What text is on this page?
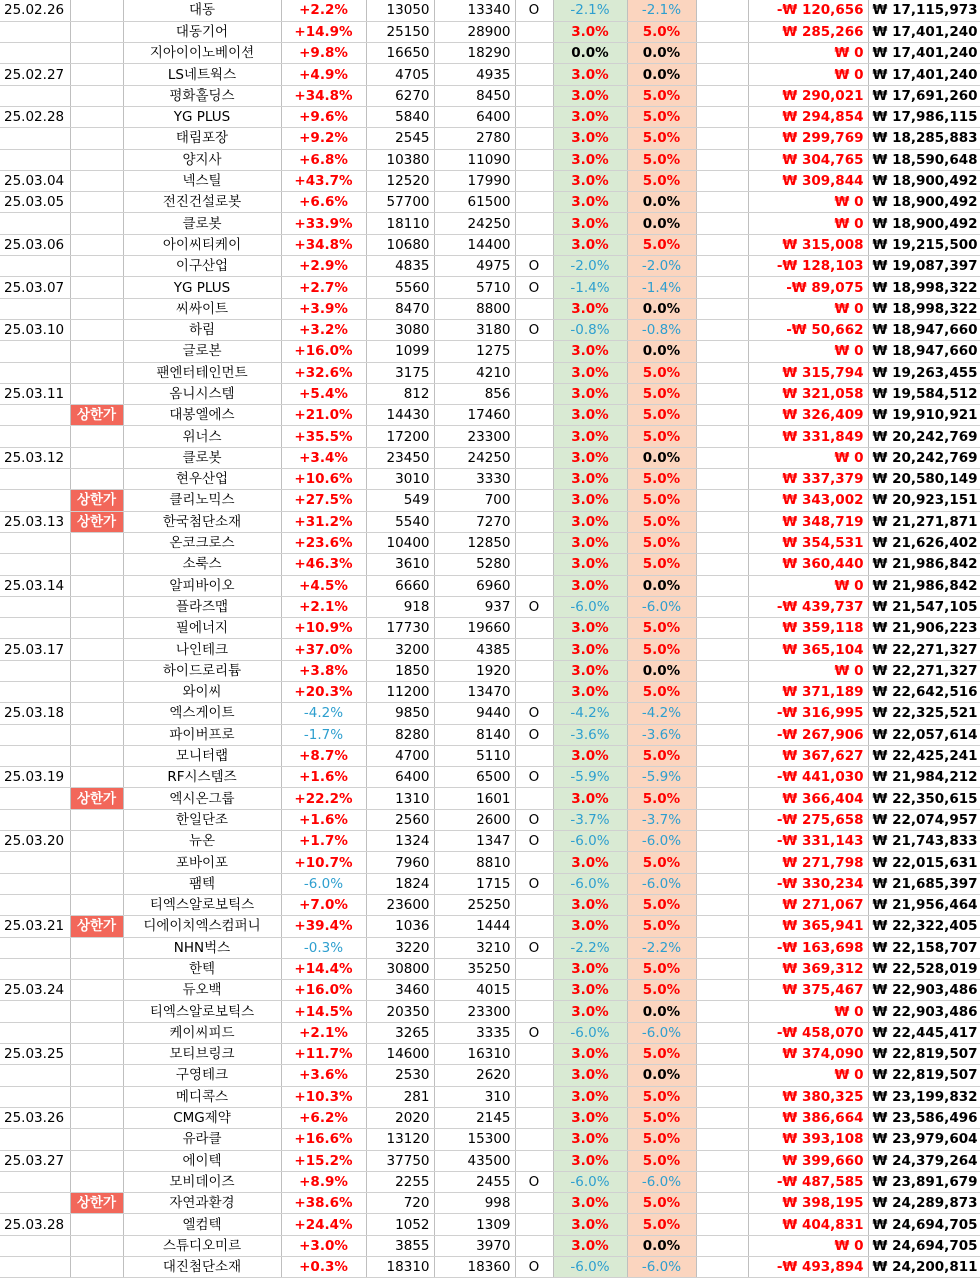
25.02.26		대동	+2.2%	13050	13340	O	-2.1%	-2.1%		-₩ 120,656	₩ 17,115,973
		대동기어	+14.9%	25150	28900		3.0%	5.0%		₩ 285,266	₩ 17,401,240
		지아이이노베이션	+9.8%	16650	18290		0.0%	0.0%		₩ 0	₩ 17,401,240
25.02.27		LS네트웍스	+4.9%	4705	4935		3.0%	0.0%		₩ 0	₩ 17,401,240
		평화홀딩스	+34.8%	6270	8450		3.0%	5.0%		₩ 290,021	₩ 17,691,260
25.02.28		YG PLUS	+9.6%	5840	6400		3.0%	5.0%		₩ 294,854	₩ 17,986,115
		태림포장	+9.2%	2545	2780		3.0%	5.0%		₩ 299,769	₩ 18,285,883
		양지사	+6.8%	10380	11090		3.0%	5.0%		₩ 304,765	₩ 18,590,648
25.03.04		넥스틸	+43.7%	12520	17990		3.0%	5.0%		₩ 309,844	₩ 18,900,492
25.03.05		전진건설로봇	+6.6%	57700	61500		3.0%	0.0%		₩ 0	₩ 18,900,492
		클로봇	+33.9%	18110	24250		3.0%	0.0%		₩ 0	₩ 18,900,492
25.03.06		아이씨티케이	+34.8%	10680	14400		3.0%	5.0%		₩ 315,008	₩ 19,215,500
		이구산업	+2.9%	4835	4975	O	-2.0%	-2.0%		-₩ 128,103	₩ 19,087,397
25.03.07		YG PLUS	+2.7%	5560	5710	O	-1.4%	-1.4%		-₩ 89,075	₩ 18,998,322
		씨싸이트	+3.9%	8470	8800		3.0%	0.0%		₩ 0	₩ 18,998,322
25.03.10		하림	+3.2%	3080	3180	O	-0.8%	-0.8%		-₩ 50,662	₩ 18,947,660
		글로본	+16.0%	1099	1275		3.0%	0.0%		₩ 0	₩ 18,947,660
		팬엔터테인먼트	+32.6%	3175	4210		3.0%	5.0%		₩ 315,794	₩ 19,263,455
25.03.11		옴니시스템	+5.4%	812	856		3.0%	5.0%		₩ 321,058	₩ 19,584,512
	상한가	대봉엘에스	+21.0%	14430	17460		3.0%	5.0%		₩ 326,409	₩ 19,910,921
		위너스	+35.5%	17200	23300		3.0%	5.0%		₩ 331,849	₩ 20,242,769
25.03.12		클로봇	+3.4%	23450	24250		3.0%	0.0%		₩ 0	₩ 20,242,769
		현우산업	+10.6%	3010	3330		3.0%	5.0%		₩ 337,379	₩ 20,580,149
	상한가	클리노믹스	+27.5%	549	700		3.0%	5.0%		₩ 343,002	₩ 20,923,151
25.03.13	상한가	한국첨단소재	+31.2%	5540	7270		3.0%	5.0%		₩ 348,719	₩ 21,271,871
		온코크로스	+23.6%	10400	12850		3.0%	5.0%		₩ 354,531	₩ 21,626,402
		소룩스	+46.3%	3610	5280		3.0%	5.0%		₩ 360,440	₩ 21,986,842
25.03.14		알피바이오	+4.5%	6660	6960		3.0%	0.0%		₩ 0	₩ 21,986,842
		플라즈맵	+2.1%	918	937	O	-6.0%	-6.0%		-₩ 439,737	₩ 21,547,105
		필에너지	+10.9%	17730	19660		3.0%	5.0%		₩ 359,118	₩ 21,906,223
25.03.17		나인테크	+37.0%	3200	4385		3.0%	5.0%		₩ 365,104	₩ 22,271,327
		하이드로리튬	+3.8%	1850	1920		3.0%	0.0%		₩ 0	₩ 22,271,327
		와이씨	+20.3%	11200	13470		3.0%	5.0%		₩ 371,189	₩ 22,642,516
25.03.18		엑스게이트	-4.2%	9850	9440	O	-4.2%	-4.2%		-₩ 316,995	₩ 22,325,521
		파이버프로	-1.7%	8280	8140	O	-3.6%	-3.6%		-₩ 267,906	₩ 22,057,614
		모니터랩	+8.7%	4700	5110		3.0%	5.0%		₩ 367,627	₩ 22,425,241
25.03.19		RF시스템즈	+1.6%	6400	6500	O	-5.9%	-5.9%		-₩ 441,030	₩ 21,984,212
	상한가	엑시온그룹	+22.2%	1310	1601		3.0%	5.0%		₩ 366,404	₩ 22,350,615
		한일단조	+1.6%	2560	2600	O	-3.7%	-3.7%		-₩ 275,658	₩ 22,074,957
25.03.20		뉴온	+1.7%	1324	1347	O	-6.0%	-6.0%		-₩ 331,143	₩ 21,743,833
		포바이포	+10.7%	7960	8810		3.0%	5.0%		₩ 271,798	₩ 22,015,631
		팸텍	-6.0%	1824	1715	O	-6.0%	-6.0%		-₩ 330,234	₩ 21,685,397
		티엑스알로보틱스	+7.0%	23600	25250		3.0%	5.0%		₩ 271,067	₩ 21,956,464
25.03.21	상한가	디에이치엑스컴퍼니	+39.4%	1036	1444		3.0%	5.0%		₩ 365,941	₩ 22,322,405
		NHN벅스	-0.3%	3220	3210	O	-2.2%	-2.2%		-₩ 163,698	₩ 22,158,707
		한텍	+14.4%	30800	35250		3.0%	5.0%		₩ 369,312	₩ 22,528,019
25.03.24		듀오백	+16.0%	3460	4015		3.0%	5.0%		₩ 375,467	₩ 22,903,486
		티엑스알로보틱스	+14.5%	20350	23300		3.0%	0.0%		₩ 0	₩ 22,903,486
		케이씨피드	+2.1%	3265	3335	O	-6.0%	-6.0%		-₩ 458,070	₩ 22,445,417
25.03.25		모티브링크	+11.7%	14600	16310		3.0%	5.0%		₩ 374,090	₩ 22,819,507
		구영테크	+3.6%	2530	2620		3.0%	0.0%		₩ 0	₩ 22,819,507
		메디콕스	+10.3%	281	310		3.0%	5.0%		₩ 380,325	₩ 23,199,832
25.03.26		CMG제약	+6.2%	2020	2145		3.0%	5.0%		₩ 386,664	₩ 23,586,496
		유라클	+16.6%	13120	15300		3.0%	5.0%		₩ 393,108	₩ 23,979,604
25.03.27		에이텍	+15.2%	37750	43500		3.0%	5.0%		₩ 399,660	₩ 24,379,264
		모비데이즈	+8.9%	2255	2455	O	-6.0%	-6.0%		-₩ 487,585	₩ 23,891,679
	상한가	자연과환경	+38.6%	720	998		3.0%	5.0%		₩ 398,195	₩ 24,289,873
25.03.28		엘컴텍	+24.4%	1052	1309		3.0%	5.0%		₩ 404,831	₩ 24,694,705
		스튜디오미르	+3.0%	3855	3970		3.0%	0.0%		₩ 0	₩ 24,694,705
		대진첨단소재	+0.3%	18310	18360	O	-6.0%	-6.0%		-₩ 493,894	₩ 24,200,811
